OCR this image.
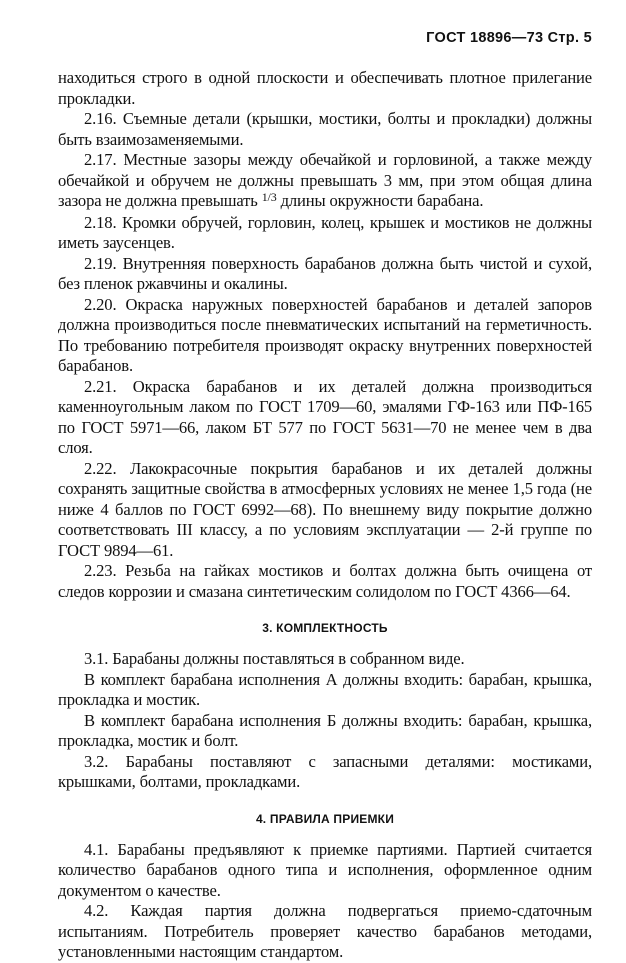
ГОСТ 18896—73 Стр. 5

находиться строго в одной плоскости и обеспечивать плотное прилегание прокладки.

2.16. Съемные детали (крышки, мостики, болты и прокладки) должны быть взаимозаменяемыми.

2.17. Местные зазоры между обечайкой и горловиной, а также между обечайкой и обручем не должны превышать 3 мм, при этом общая длина зазора не должна превышать $^{1/3}$ длины окружности барабана.

2.18. Кромки обручей, горловин, колец, крышек и мостиков не должны иметь заусенцев.

2.19. Внутренняя поверхность барабанов должна быть чистой и сухой, без пленок ржавчины и окалины.

2.20. Окраска наружных поверхностей барабанов и деталей запоров должна производиться после пневматических испытаний на герметичность. По требованию потребителя производят окраску внутренних поверхностей барабанов.

2.21. Окраска барабанов и их деталей должна производиться каменноугольным лаком по ГОСТ 1709—60, эмалями ГФ-163 или ПФ-165 по ГОСТ 5971—66, лаком БТ 577 по ГОСТ 5631—70 не менее чем в два слоя.

2.22. Лакокрасочные покрытия барабанов и их деталей должны сохранять защитные свойства в атмосферных условиях не менее 1,5 года (не ниже 4 баллов по ГОСТ 6992—68). По внешнему виду покрытие должно соответствовать III классу, а по условиям эксплуатации — 2-й группе по ГОСТ 9894—61.

2.23. Резьба на гайках мостиков и болтах должна быть очищена от следов коррозии и смазана синтетическим солидолом по ГОСТ 4366—64.

3. КОМПЛЕКТНОСТЬ

3.1. Барабаны должны поставляться в собранном виде.

В комплект барабана исполнения А должны входить: барабан, крышка, прокладка и мостик.

В комплект барабана исполнения Б должны входить: барабан, крышка, прокладка, мостик и болт.

3.2. Барабаны поставляют с запасными деталями: мостиками, крышками, болтами, прокладками.

4. ПРАВИЛА ПРИЕМКИ

4.1. Барабаны предъявляют к приемке партиями. Партией считается количество барабанов одного типа и исполнения, оформленное одним документом о качестве.

4.2. Каждая партия должна подвергаться приемо-сдаточным испытаниям. Потребитель проверяет качество барабанов методами, установленными настоящим стандартом.
